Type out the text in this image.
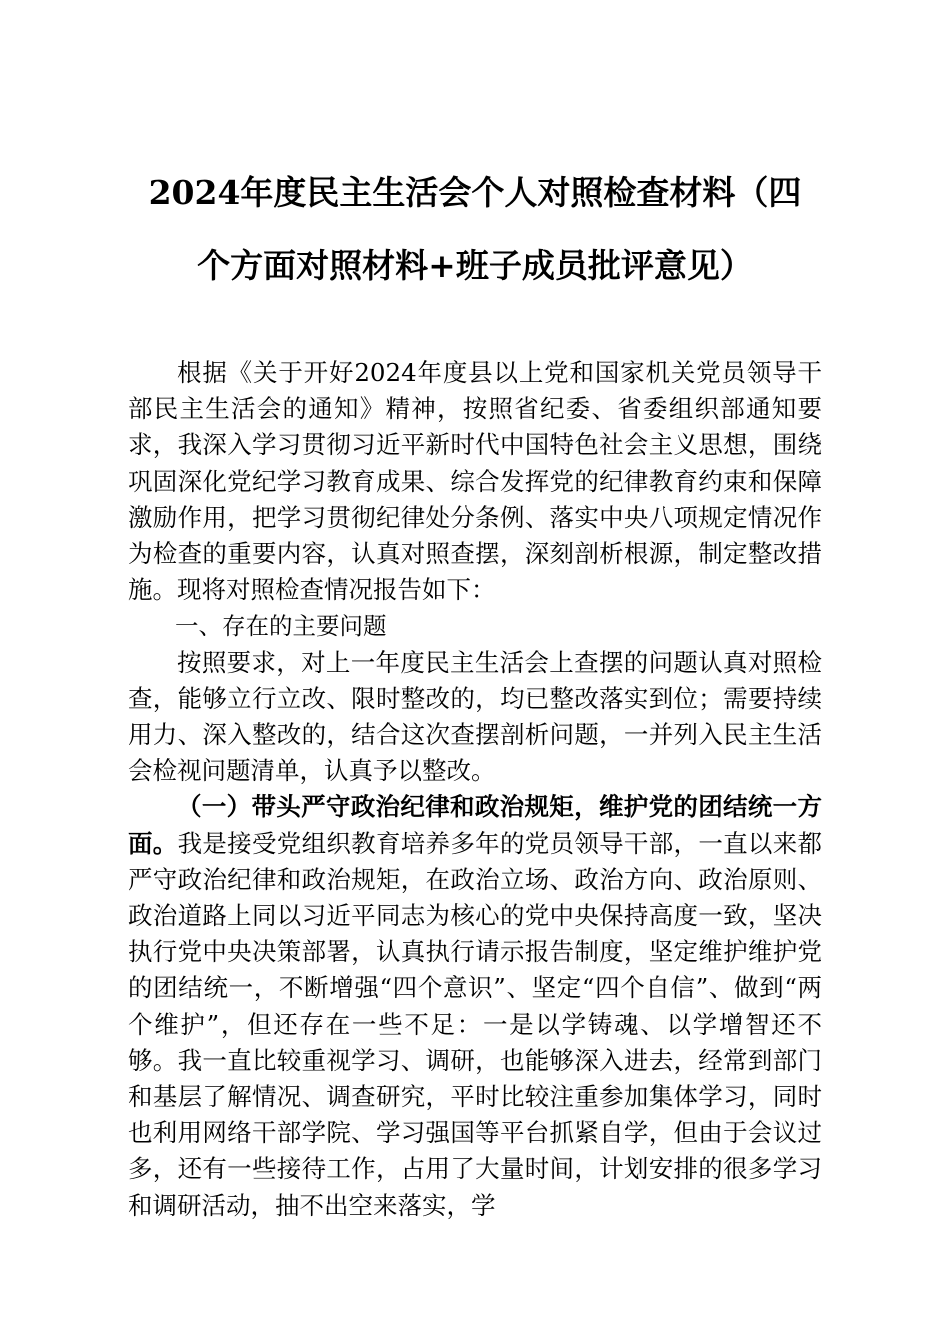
2024年度民主生活会个人对照检查材料（四
个方面对照材料+班子成员批评意见）

根据《关于开好2024年度县以上党和国家机关党员领导干部民主生活会的通知》精神，按照省纪委、省委组织部通知要求，我深入学习贯彻习近平新时代中国特色社会主义思想，围绕巩固深化党纪学习教育成果、综合发挥党的纪律教育约束和保障激励作用，把学习贯彻纪律处分条例、落实中央八项规定情况作为检查的重要内容，认真对照查摆，深刻剖析根源，制定整改措施。现将对照检查情况报告如下：

一、存在的主要问题

按照要求，对上一年度民主生活会上查摆的问题认真对照检查，能够立行立改、限时整改的，均已整改落实到位；需要持续用力、深入整改的，结合这次查摆剖析问题，一并列入民主生活会检视问题清单，认真予以整改。

（一）带头严守政治纪律和政治规矩，维护党的团结统一方面。我是接受党组织教育培养多年的党员领导干部，一直以来都严守政治纪律和政治规矩，在政治立场、政治方向、政治原则、政治道路上同以习近平同志为核心的党中央保持高度一致，坚决执行党中央决策部署，认真执行请示报告制度，坚定维护维护党的团结统一，不断增强“四个意识”、坚定“四个自信”、做到“两个维护”，但还存在一些不足：一是以学铸魂、以学增智还不够。我一直比较重视学习、调研，也能够深入进去，经常到部门和基层了解情况、调查研究，平时比较注重参加集体学习，同时也利用网络干部学院、学习强国等平台抓紧自学，但由于会议过多，还有一些接待工作，占用了大量时间，计划安排的很多学习和调研活动，抽不出空来落实，学
